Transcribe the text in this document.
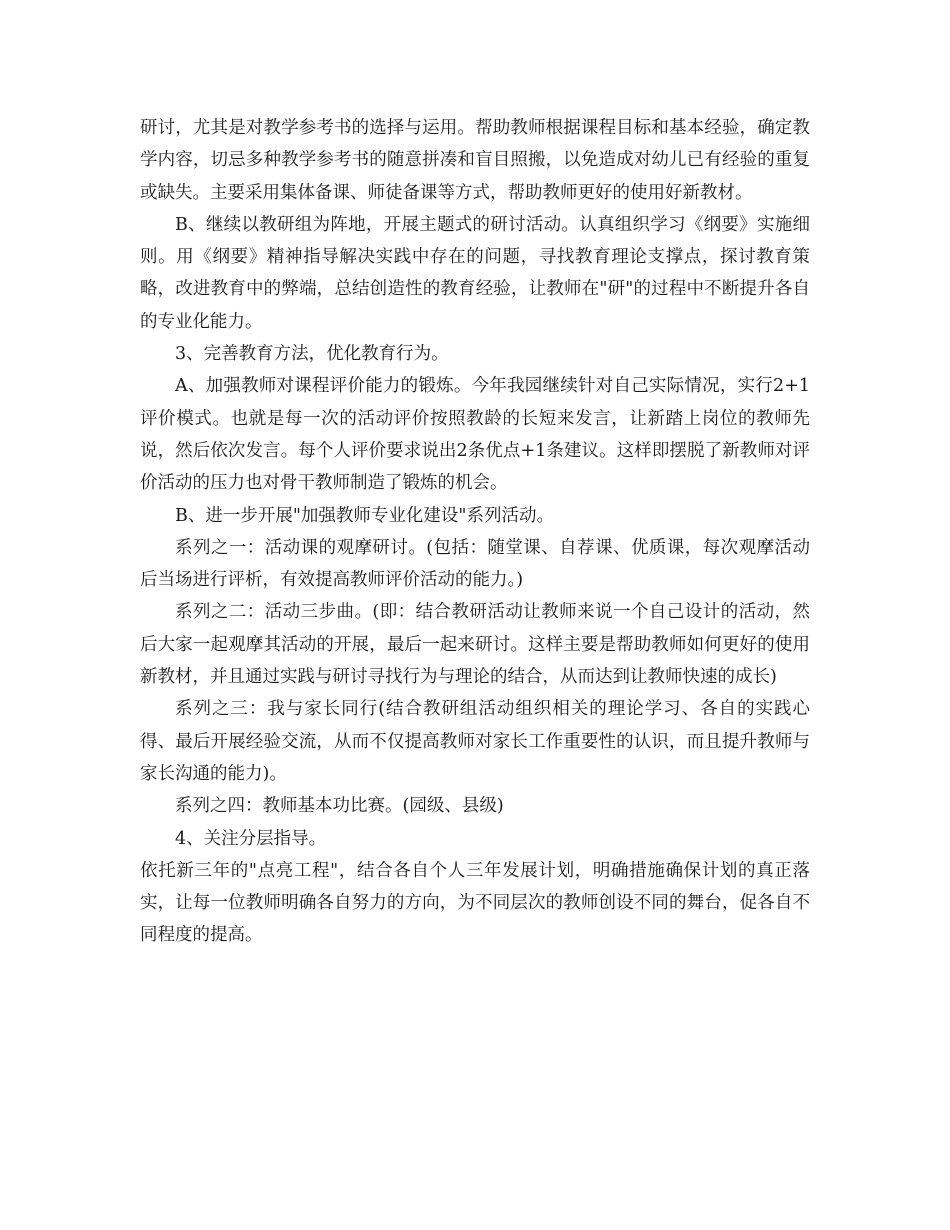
研讨，尤其是对教学参考书的选择与运用。帮助教师根据课程目标和基本经验，确定教学内容，切忌多种教学参考书的随意拼凑和盲目照搬，以免造成对幼儿已有经验的重复或缺失。主要采用集体备课、师徒备课等方式，帮助教师更好的使用好新教材。

B、继续以教研组为阵地，开展主题式的研讨活动。认真组织学习《纲要》实施细则。用《纲要》精神指导解决实践中存在的问题，寻找教育理论支撑点，探讨教育策略，改进教育中的弊端，总结创造性的教育经验，让教师在"研"的过程中不断提升各自的专业化能力。

3、完善教育方法，优化教育行为。

A、加强教师对课程评价能力的锻炼。今年我园继续针对自己实际情况，实行2+1评价模式。也就是每一次的活动评价按照教龄的长短来发言，让新踏上岗位的教师先说，然后依次发言。每个人评价要求说出2条优点+1条建议。这样即摆脱了新教师对评价活动的压力也对骨干教师制造了锻炼的机会。

B、进一步开展"加强教师专业化建设"系列活动。

系列之一：活动课的观摩研讨。(包括：随堂课、自荐课、优质课，每次观摩活动后当场进行评析，有效提高教师评价活动的能力。)

系列之二：活动三步曲。(即：结合教研活动让教师来说一个自己设计的活动，然后大家一起观摩其活动的开展，最后一起来研讨。这样主要是帮助教师如何更好的使用新教材，并且通过实践与研讨寻找行为与理论的结合，从而达到让教师快速的成长)

系列之三：我与家长同行(结合教研组活动组织相关的理论学习、各自的实践心得、最后开展经验交流，从而不仅提高教师对家长工作重要性的认识，而且提升教师与家长沟通的能力)。

系列之四：教师基本功比赛。(园级、县级)

4、关注分层指导。

依托新三年的"点亮工程"，结合各自个人三年发展计划，明确措施确保计划的真正落实，让每一位教师明确各自努力的方向，为不同层次的教师创设不同的舞台，促各自不同程度的提高。
